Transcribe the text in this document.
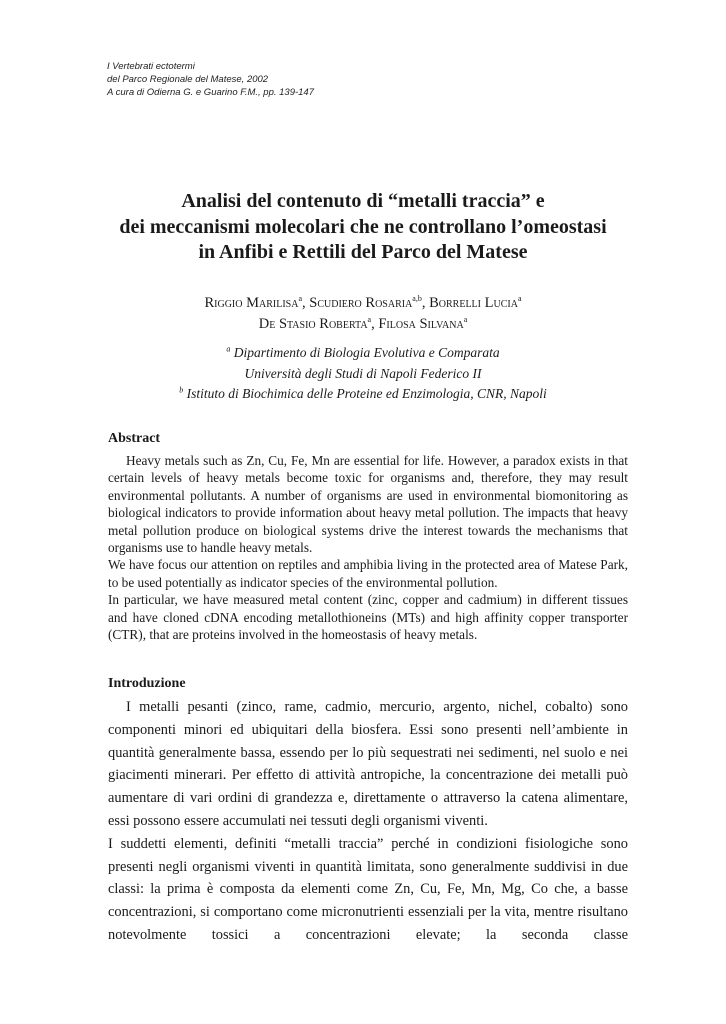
I Vertebrati ectotermi
del Parco Regionale del Matese, 2002
A cura di Odierna G. e Guarino F.M., pp. 139-147
Analisi del contenuto di “metalli traccia” e
dei meccanismi molecolari che ne controllano l’omeostasi
in Anfibi e Rettili del Parco del Matese
Riggio Marilisa$^a$, Scudiero Rosaria$^{a,b}$, Borrelli Lucia$^a$
De Stasio Roberta$^a$, Filosa Silvana$^a$
$^a$ Dipartimento di Biologia Evolutiva e Comparata
Università degli Studi di Napoli Federico II
$^b$ Istituto di Biochimica delle Proteine ed Enzimologia, CNR, Napoli
Abstract

Heavy metals such as Zn, Cu, Fe, Mn are essential for life. However, a paradox exists in that certain levels of heavy metals become toxic for organisms and, therefore, they may result environmental pollutants. A number of organisms are used in environmental biomonitoring as biological indicators to provide information about heavy metal pollution. The impacts that heavy metal pollution produce on biological systems drive the interest towards the mechanisms that organisms use to handle heavy metals.

We have focus our attention on reptiles and amphibia living in the protected area of Matese Park, to be used potentially as indicator species of the environmental pollution.

In particular, we have measured metal content (zinc, copper and cadmium) in different tissues and have cloned cDNA encoding metallothioneins (MTs) and high affinity copper transporter (CTR), that are proteins involved in the homeostasis of heavy metals.

Introduzione

I metalli pesanti (zinco, rame, cadmio, mercurio, argento, nichel, cobalto) sono componenti minori ed ubiquitari della biosfera. Essi sono presenti nell’ambiente in quantità generalmente bassa, essendo per lo più sequestrati nei sedimenti, nel suolo e nei giacimenti minerari. Per effetto di attività antropiche, la concentrazione dei metalli può aumentare di vari ordini di grandezza e, direttamente o attraverso la catena alimentare, essi possono essere accumulati nei tessuti degli organismi viventi.

I suddetti elementi, definiti “metalli traccia” perché in condizioni fisiologiche sono presenti negli organismi viventi in quantità limitata, sono generalmente suddivisi in due classi: la prima è composta da elementi come Zn, Cu, Fe, Mn, Mg, Co che, a basse concentrazioni, si comportano come micronutrienti essenziali per la vita, mentre risultano notevolmente tossici a concentrazioni elevate; la seconda classe
